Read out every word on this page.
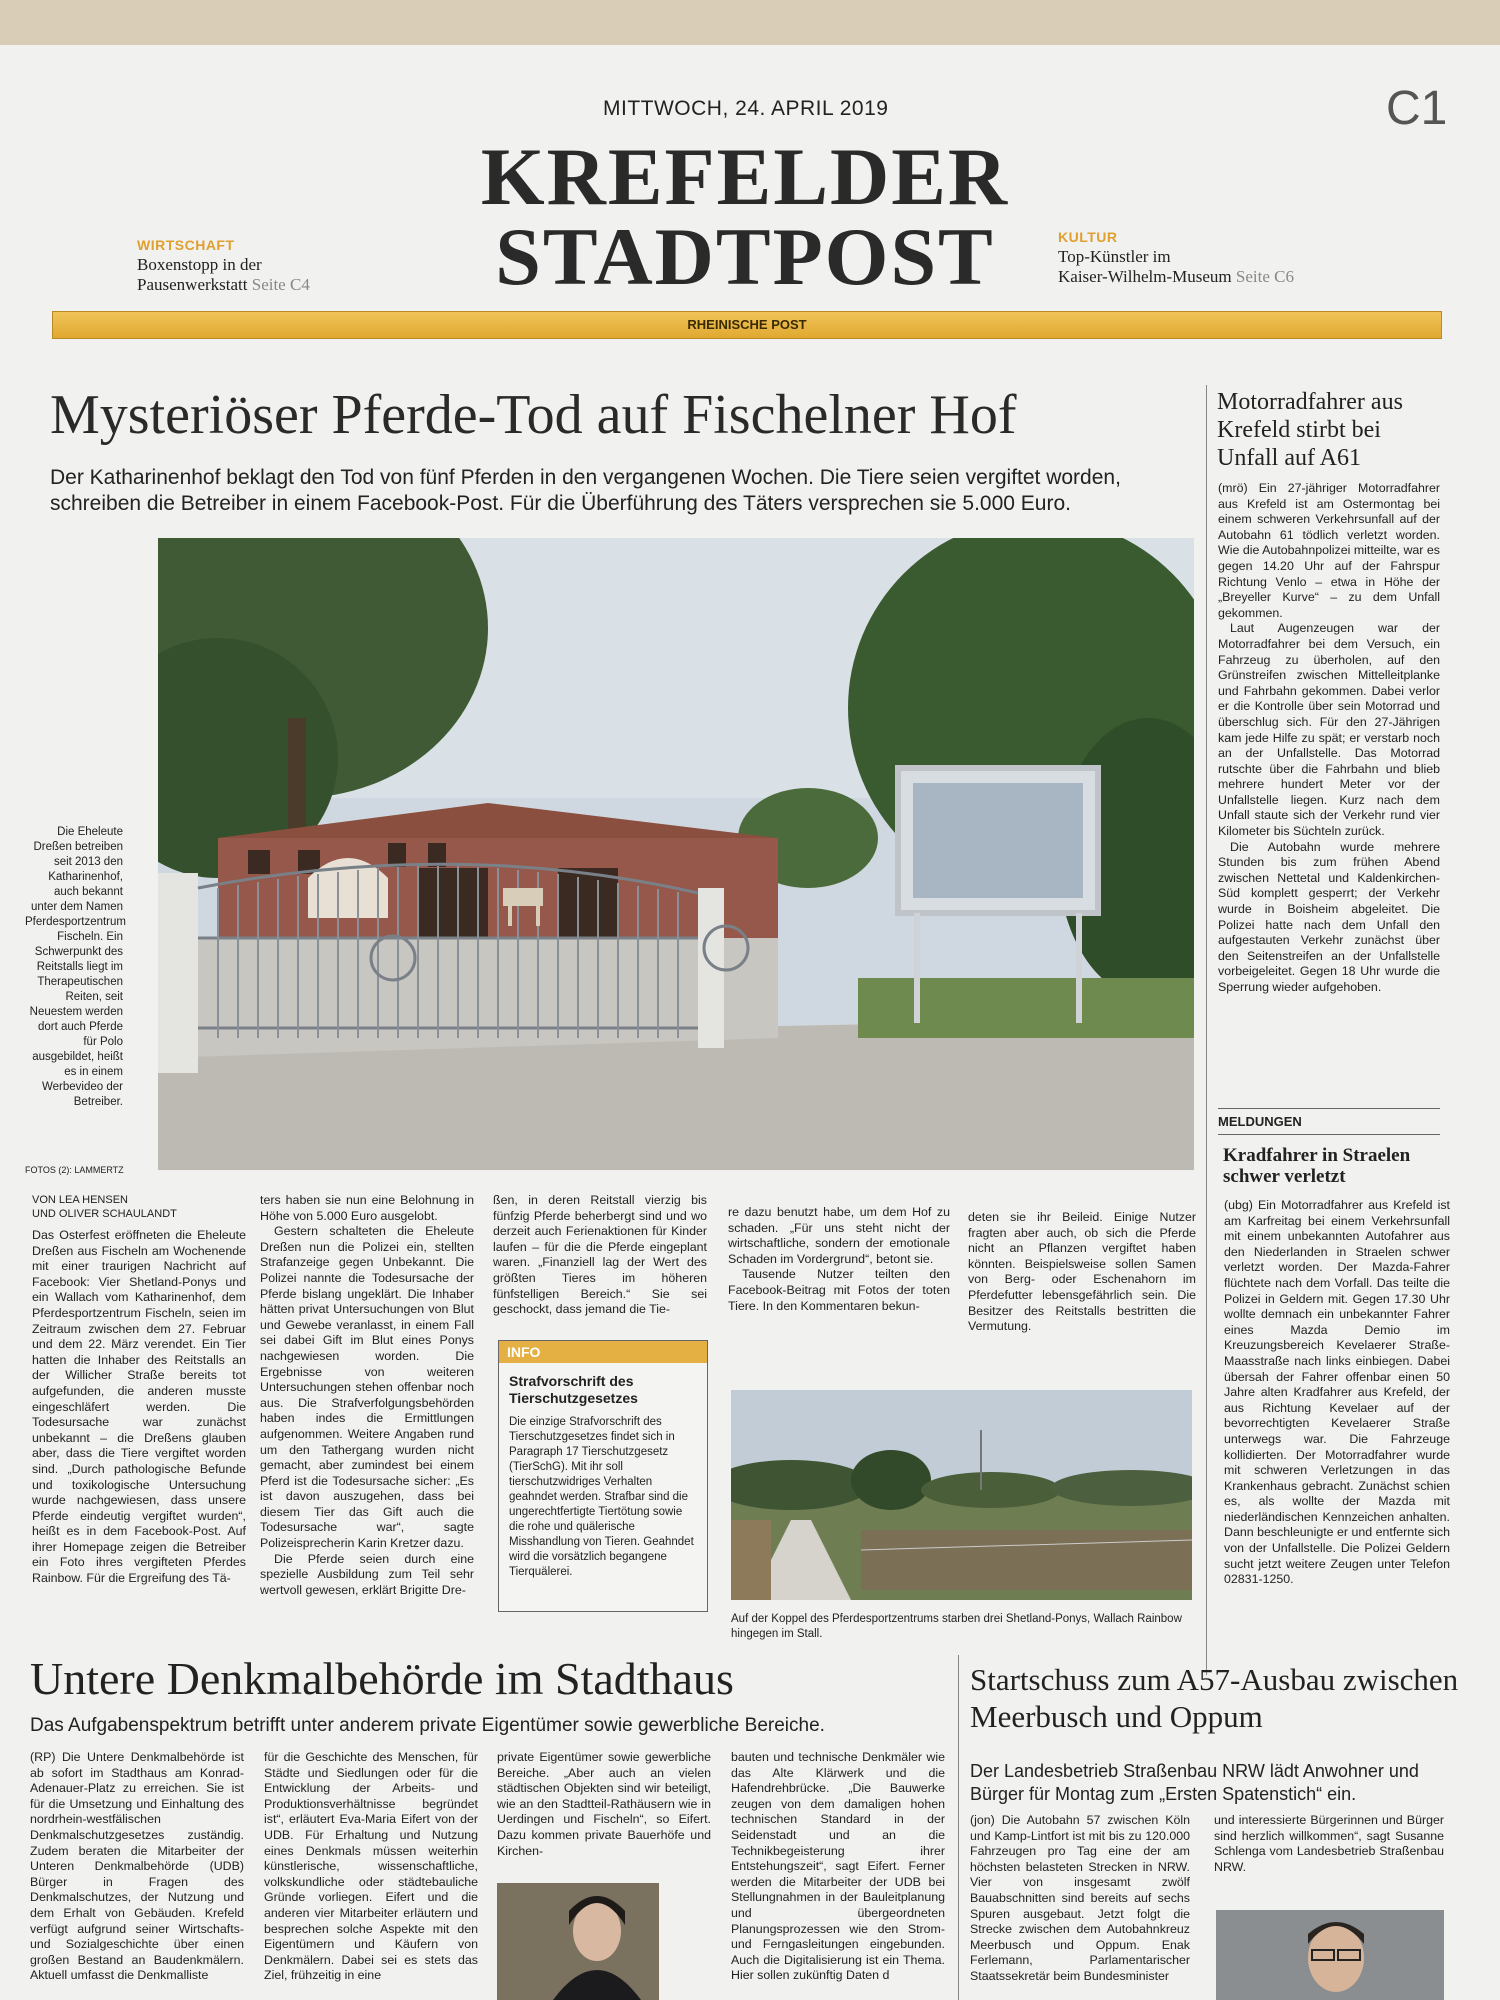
MITTWOCH, 24. APRIL 2019	C1
KREFELDER
STADTPOST
WIRTSCHAFT
Boxenstopp in der
Pausenwerkstatt Seite C4
KULTUR
Top-Künstler im
Kaiser-Wilhelm-Museum Seite C6
RHEINISCHE POST
Mysteriöser Pferde-Tod auf Fischelner Hof
Der Katharinenhof beklagt den Tod von fünf Pferden in den vergangenen Wochen. Die Tiere seien vergiftet worden, schreiben die Betreiber in einem Facebook-Post. Für die Überführung des Täters versprechen sie 5.000 Euro.
Die Eheleute Dreßen betreiben seit 2013 den Katharinenhof, auch bekannt unter dem Namen Pferdesportzentrum Fischeln. Ein Schwerpunkt des Reitstalls liegt im Therapeutischen Reiten, seit Neuestem werden dort auch Pferde für Polo ausgebildet, heißt es in einem Werbevideo der Betreiber.
FOTOS (2): LAMMERTZ
VON LEA HENSEN
UND OLIVER SCHAULANDT

Das Osterfest eröffneten die Eheleute Dreßen aus Fischeln am Wochenende mit einer traurigen Nachricht auf Facebook: Vier Shetland-Ponys und ein Wallach vom Katharinenhof, dem Pferdesportzentrum Fischeln, seien im Zeitraum zwischen dem 27. Februar und dem 22. März verendet. Ein Tier hatten die Inhaber des Reitstalls an der Willicher Straße bereits tot aufgefunden, die anderen musste eingeschläfert werden. Die Todesursache war zunächst unbekannt – die Dreßens glauben aber, dass die Tiere vergiftet worden sind. „Durch pathologische Befunde und toxikologische Untersuchung wurde nachgewiesen, dass unsere Pferde eindeutig vergiftet wurden“, heißt es in dem Facebook-Post. Auf ihrer Homepage zeigen die Betreiber ein Foto ihres vergifteten Pferdes Rainbow. Für die Ergreifung des Tä-

ters haben sie nun eine Belohnung in Höhe von 5.000 Euro ausgelobt.

Gestern schalteten die Eheleute Dreßen nun die Polizei ein, stellten Strafanzeige gegen Unbekannt. Die Polizei nannte die Todesursache der Pferde bislang ungeklärt. Die Inhaber hätten privat Untersuchungen von Blut und Gewebe veranlasst, in einem Fall sei dabei Gift im Blut eines Ponys nachgewiesen worden. Die Ergebnisse von weiteren Untersuchungen stehen offenbar noch aus. Die Strafverfolgungsbehörden haben indes die Ermittlungen aufgenommen. Weitere Angaben rund um den Tathergang wurden nicht gemacht, aber zumindest bei einem Pferd ist die Todesursache sicher: „Es ist davon auszugehen, dass bei diesem Tier das Gift auch die Todesursache war“, sagte Polizeisprecherin Karin Kretzer dazu.

Die Pferde seien durch eine spezielle Ausbildung zum Teil sehr wertvoll gewesen, erklärt Brigitte Dre-

ßen, in deren Reitstall vierzig bis fünfzig Pferde beherbergt sind und wo derzeit auch Ferienaktionen für Kinder laufen – für die die Pferde eingeplant waren. „Finanziell lag der Wert des größten Tieres im höheren fünfstelligen Bereich.“ Sie sei geschockt, dass jemand die Tie-

re dazu benutzt habe, um dem Hof zu schaden. „Für uns steht nicht der wirtschaftliche, sondern der emotionale Schaden im Vordergrund“, betont sie.

Tausende Nutzer teilten den Facebook-Beitrag mit Fotos der toten Tiere. In den Kommentaren bekun-

deten sie ihr Beileid. Einige Nutzer fragten aber auch, ob sich die Pferde nicht an Pflanzen vergiftet haben könnten. Beispielsweise sollen Samen von Berg- oder Eschenahorn im Pferdefutter lebensgefährlich sein. Die Besitzer des Reitstalls bestritten die Vermutung.

INFO
Strafvorschrift des Tierschutzgesetzes
Die einzige Strafvorschrift des Tierschutzgesetzes findet sich in Paragraph 17 Tierschutzgesetz (TierSchG). Mit ihr soll tierschutzwidriges Verhalten geahndet werden. Strafbar sind die ungerechtfertigte Tiertötung sowie die rohe und quälerische Misshandlung von Tieren. Geahndet wird die vorsätzlich begangene Tierquälerei.
Auf der Koppel des Pferdesportzentrums starben drei Shetland-Ponys, Wallach Rainbow hingegen im Stall.
Motorradfahrer aus Krefeld stirbt bei Unfall auf A61

(mrö) Ein 27-jähriger Motorradfahrer aus Krefeld ist am Ostermontag bei einem schweren Verkehrsunfall auf der Autobahn 61 tödlich verletzt worden. Wie die Autobahnpolizei mitteilte, war es gegen 14.20 Uhr auf der Fahrspur Richtung Venlo – etwa in Höhe der „Breyeller Kurve“ – zu dem Unfall gekommen.

Laut Augenzeugen war der Motorradfahrer bei dem Versuch, ein Fahrzeug zu überholen, auf den Grünstreifen zwischen Mittelleitplanke und Fahrbahn gekommen. Dabei verlor er die Kontrolle über sein Motorrad und überschlug sich. Für den 27-Jährigen kam jede Hilfe zu spät; er verstarb noch an der Unfallstelle. Das Motorrad rutschte über die Fahrbahn und blieb mehrere hundert Meter vor der Unfallstelle liegen. Kurz nach dem Unfall staute sich der Verkehr rund vier Kilometer bis Süchteln zurück.

Die Autobahn wurde mehrere Stunden bis zum frühen Abend zwischen Nettetal und Kaldenkirchen-Süd komplett gesperrt; der Verkehr wurde in Boisheim abgeleitet. Die Polizei hatte nach dem Unfall den aufgestauten Verkehr zunächst über den Seitenstreifen an der Unfallstelle vorbeigeleitet. Gegen 18 Uhr wurde die Sperrung wieder aufgehoben.

MELDUNGEN
Kradfahrer in Straelen schwer verletzt
(ubg) Ein Motorradfahrer aus Krefeld ist am Karfreitag bei einem Verkehrsunfall mit einem unbekannten Autofahrer aus den Niederlanden in Straelen schwer verletzt worden. Der Mazda-Fahrer flüchtete nach dem Vorfall. Das teilte die Polizei in Geldern mit. Gegen 17.30 Uhr wollte demnach ein unbekannter Fahrer eines Mazda Demio im Kreuzungsbereich Kevelaerer Straße-Maasstraße nach links einbiegen. Dabei übersah der Fahrer offenbar einen 50 Jahre alten Kradfahrer aus Krefeld, der aus Richtung Kevelaer auf der bevorrechtigten Kevelaerer Straße unterwegs war. Die Fahrzeuge kollidierten. Der Motorradfahrer wurde mit schweren Verletzungen in das Krankenhaus gebracht. Zunächst schien es, als wollte der Mazda mit niederländischen Kennzeichen anhalten. Dann beschleunigte er und entfernte sich von der Unfallstelle. Die Polizei Geldern sucht jetzt weitere Zeugen unter Telefon 02831-1250.
Untere Denkmalbehörde im Stadthaus
Das Aufgabenspektrum betrifft unter anderem private Eigentümer sowie gewerbliche Bereiche.

(RP) Die Untere Denkmalbehörde ist ab sofort im Stadthaus am Konrad-Adenauer-Platz zu erreichen. Sie ist für die Umsetzung und Einhaltung des nordrhein-westfälischen Denkmalschutzgesetzes zuständig. Zudem beraten die Mitarbeiter der Unteren Denkmalbehörde (UDB) Bürger in Fragen des Denkmalschutzes, der Nutzung und dem Erhalt von Gebäuden. Krefeld verfügt aufgrund seiner Wirtschafts- und Sozialgeschichte über einen großen Bestand an Baudenkmälern. Aktuell umfasst die Denkmalliste

für die Geschichte des Menschen, für Städte und Siedlungen oder für die Entwicklung der Arbeits- und Produktionsverhältnisse begründet ist“, erläutert Eva-Maria Eifert von der UDB. Für Erhaltung und Nutzung eines Denkmals müssen weiterhin künstlerische, wissenschaftliche, volkskundliche oder städtebauliche Gründe vorliegen. Eifert und die anderen vier Mitarbeiter erläutern und besprechen solche Aspekte mit den Eigentümern und Käufern von Denkmälern. Dabei sei es stets das Ziel, frühzeitig in eine

private Eigentümer sowie gewerbliche Bereiche. „Aber auch an vielen städtischen Objekten sind wir beteiligt, wie an den Stadtteil-Rathäusern wie in Uerdingen und Fischeln“, so Eifert. Dazu kommen private Bauerhöfe und Kirchen-

bauten und technische Denkmäler wie das Alte Klärwerk und die Hafendrehbrücke. „Die Bauwerke zeugen von dem damaligen hohen technischen Standard in der Seidenstadt und an die Technikbegeisterung ihrer Entstehungszeit“, sagt Eifert. Ferner werden die Mitarbeiter der UDB bei Stellungnahmen in der Bauleitplanung und übergeordneten Planungsprozessen wie den Strom- und Ferngasleitungen eingebunden. Auch die Digitalisierung ist ein Thema. Hier sollen zukünftig Daten d

Startschuss zum A57-Ausbau zwischen Meerbusch und Oppum
Der Landesbetrieb Straßenbau NRW lädt Anwohner und Bürger für Montag zum „Ersten Spatenstich“ ein.

(jon) Die Autobahn 57 zwischen Köln und Kamp-Lintfort ist mit bis zu 120.000 Fahrzeugen pro Tag eine der am höchsten belasteten Strecken in NRW. Vier von insgesamt zwölf Bauabschnitten sind bereits auf sechs Spuren ausgebaut. Jetzt folgt die Strecke zwischen dem Autobahnkreuz Meerbusch und Oppum. Enak Ferlemann, Parlamentarischer Staatssekretär beim Bundesminister

und interessierte Bürgerinnen und Bürger sind herzlich willkommen“, sagt Susanne Schlenga vom Landesbetrieb Straßenbau NRW.
